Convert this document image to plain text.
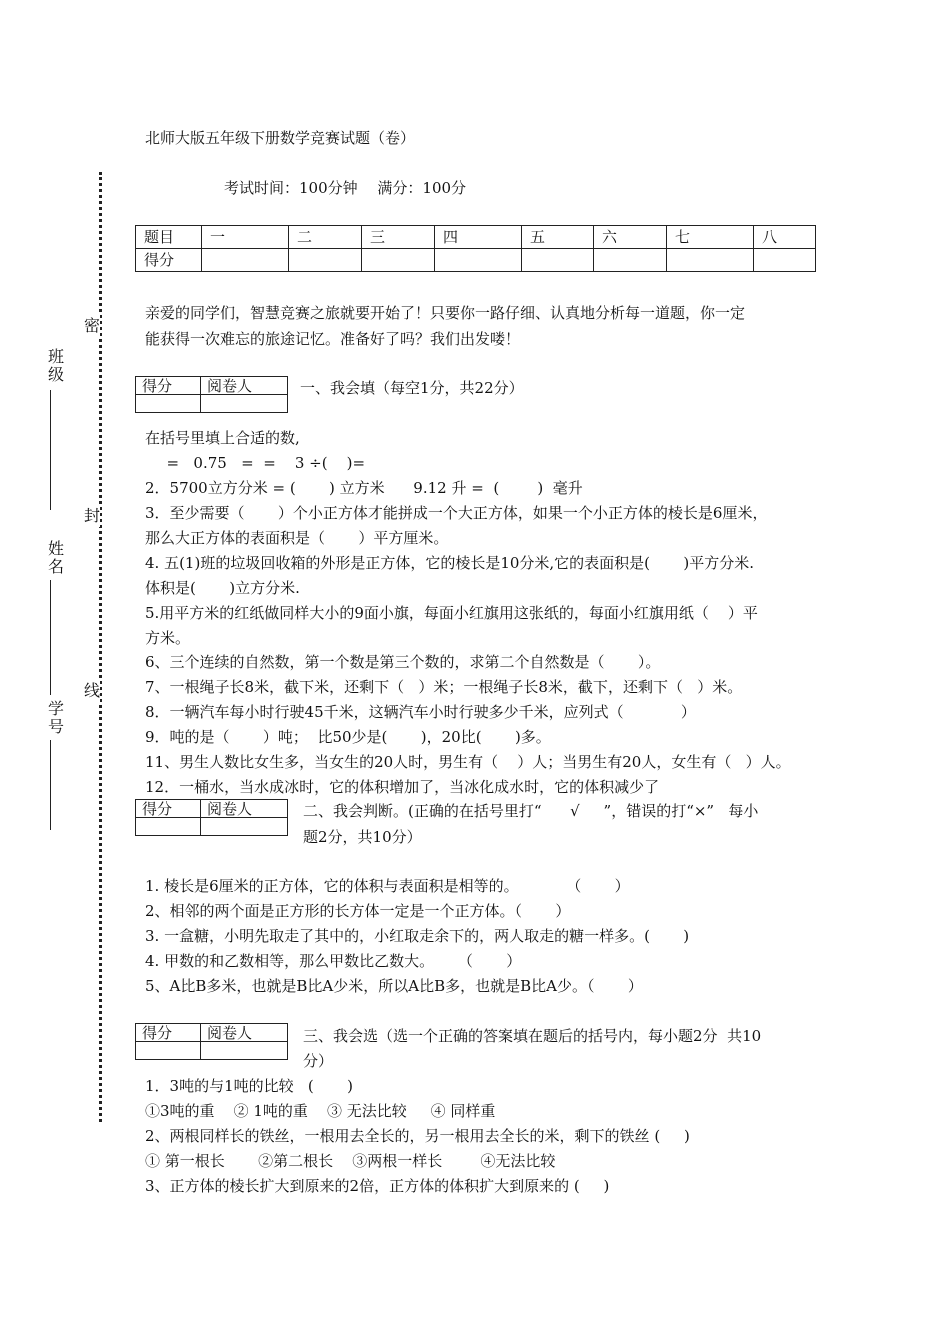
密
封
线
班
级
姓
名
学
号
北师大版五年级下册数学竞赛试题（卷）
考试时间：100分钟　 满分：100分
题目	一	二	三	四	五	六	七	八
得分								
亲爱的同学们，智慧竞赛之旅就要开始了！只要你一路仔细、认真地分析每一道题，你一定
能获得一次难忘的旅途记忆。准备好了吗？我们出发喽！
得分	阅卷人
		一、我会填（每空1分，共22分）
在括号里填上合适的数,
=   0.75   =  =    3 ÷(    )=
2．5700立方分米 = (       ) 立方米      9.12 升 =  (        )  毫升
3．至少需要（       ）个小正方体才能拼成一个大正方体，如果一个小正方体的棱长是6厘米，
那么大正方体的表面积是（       ）平方厘米。
4. 五(1)班的垃圾回收箱的外形是正方体，它的棱长是10分米,它的表面积是(       )平方分米.
体积是(       )立方分米.
5.用平方米的红纸做同样大小的9面小旗，每面小红旗用这张纸的，每面小红旗用纸（    ）平
方米。
6、三个连续的自然数，第一个数是第三个数的，求第二个自然数是（       ）。
7、一根绳子长8米，截下米，还剩下（   ）米；一根绳子长8米，截下，还剩下（   ）米。
8．一辆汽车每小时行驶45千米，这辆汽车小时行驶多少千米，应列式（            ）
9．吨的是（       ）吨；  比50少是(       )，20比(       )多。
11、男生人数比女生多，当女生的20人时，男生有（    ）人；当男生有20人，女生有（   ）人。
12．一桶水，当水成冰时，它的体积增加了，当冰化成水时，它的体积减少了
得分	阅卷人
		二、我会判断。(正确的在括号里打“      √     ”，错误的打“×”   每小
题2分，共10分）
1. 棱长是6厘米的正方体，它的体积与表面积是相等的。          （       ）
2、相邻的两个面是正方形的长方体一定是一个正方体。（       ）
3. 一盒糖，小明先取走了其中的，小红取走余下的，两人取走的糖一样多。(       )
4. 甲数的和乙数相等，那么甲数比乙数大。     （       ）
5、A比B多米，也就是B比A少米，所以A比B多，也就是B比A少。（       ）
得分	阅卷人
		三、我会选（选一个正确的答案填在题后的括号内，每小题2分  共10
分）
1．3吨的与1吨的比较   (       )
①3吨的重    ② 1吨的重    ③ 无法比较     ④ 同样重
2、两根同样长的铁丝，一根用去全长的，另一根用去全长的米，剩下的铁丝 (     )
① 第一根长       ②第二根长    ③两根一样长        ④无法比较
3、正方体的棱长扩大到原来的2倍，正方体的体积扩大到原来的 (     )
